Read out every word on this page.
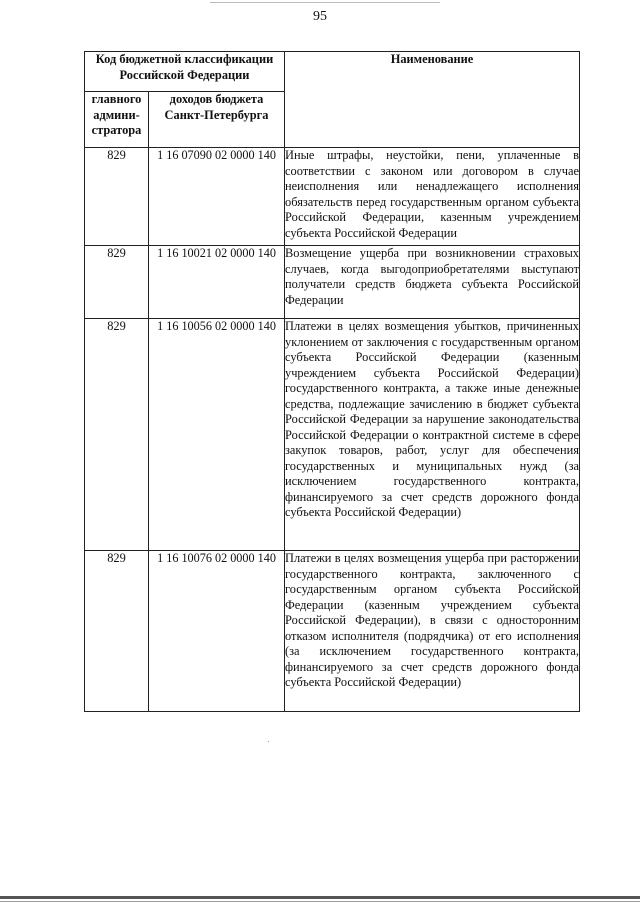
95
Код бюджетной классификации Российской Федерации		Наименование
главного админи-стратора	доходов бюджета Санкт-Петербурга	
829	1 16 07090 02 0000 140	Иные штрафы, неустойки, пени, уплаченные в соответствии с законом или договором в случае неисполнения или ненадлежащего исполнения обязательств перед государственным органом субъекта Российской Федерации, казенным учреждением субъекта Российской Федерации
829	1 16 10021 02 0000 140	Возмещение ущерба при возникновении страховых случаев, когда выгодоприобретателями выступают получатели средств бюджета субъекта Российской Федерации
829	1 16 10056 02 0000 140	Платежи в целях возмещения убытков, причиненных уклонением от заключения с государственным органом субъекта Российской Федерации (казенным учреждением субъекта Российской Федерации) государственного контракта, а также иные денежные средства, подлежащие зачислению в бюджет субъекта Российской Федерации за нарушение законодательства Российской Федерации о контрактной системе в сфере закупок товаров, работ, услуг для обеспечения государственных и муниципальных нужд (за исключением государственного контракта, финансируемого за счет средств дорожного фонда субъекта Российской Федерации)
829	1 16 10076 02 0000 140	Платежи в целях возмещения ущерба при расторжении государственного контракта, заключенного с государственным органом субъекта Российской Федерации (казенным учреждением субъекта Российской Федерации), в связи с односторонним отказом исполнителя (подрядчика) от его исполнения (за исключением государственного контракта, финансируемого за счет средств дорожного фонда субъекта Российской Федерации)
